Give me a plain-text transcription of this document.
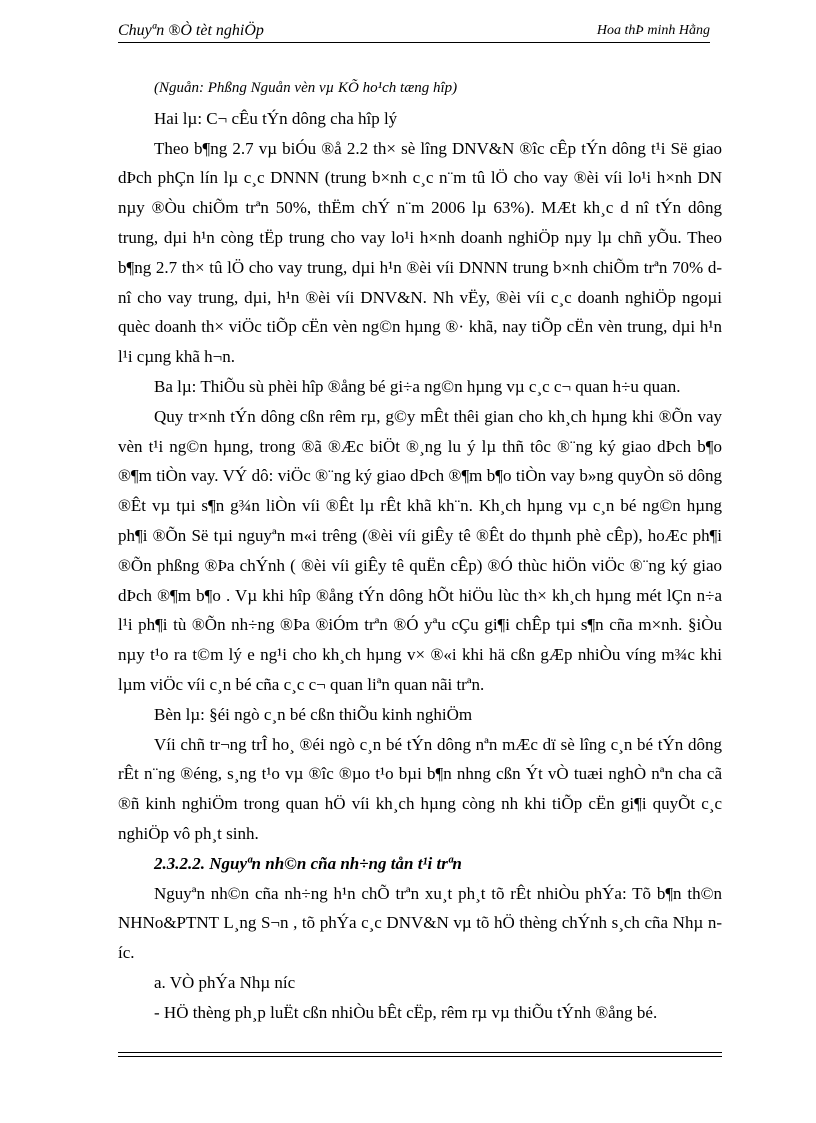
Chuyªn ®Ò tèt nghiÖp	Hoa thÞ minh Hằng

(Nguån: Phßng Nguån vèn vµ KÕ ho¹ch tæng hîp)

Hai lµ: C¬ cÊu tÝn dông cha hîp lý

Theo b¶ng 2.7 vµ biÓu ®å 2.2 th× sè lîng DNV&N ®îc cÊp tÝn dông t¹i Së giao dÞch phÇn lín lµ c¸c DNNN (trung b×nh c¸c n¨m tû lÖ cho vay ®èi víi lo¹i h×nh DN nµy ®Òu chiÕm trªn 50%, thËm chÝ n¨m 2006 lµ 63%). MÆt kh¸c d nî tÝn dông trung, dµi h¹n còng tËp trung cho vay lo¹i h×nh doanh nghiÖp nµy lµ chñ yÕu. Theo b¶ng 2.7 th× tû lÖ cho vay trung, dµi h¹n ®èi víi DNNN trung b×nh chiÕm trªn 70% d nî cho vay trung, dµi, h¹n ®èi víi DNV&N. Nh vËy, ®èi víi c¸c doanh nghiÖp ngoµi quèc doanh th× viÖc tiÕp cËn vèn ng©n hµng ®· khã, nay tiÕp cËn vèn trung, dµi h¹n l¹i cµng khã h¬n.

Ba lµ: ThiÕu sù phèi hîp ®ång bé gi÷a ng©n hµng vµ c¸c c¬ quan h÷u quan.

Quy tr×nh tÝn dông cßn rêm rµ, g©y mÊt thêi gian cho kh¸ch hµng khi ®Õn vay vèn t¹i ng©n hµng, trong ®ã ®Æc biÖt ®¸ng lu ý lµ thñ tôc ®¨ng ký giao dÞch b¶o ®¶m tiÒn vay. VÝ dô: viÖc ®¨ng ký giao dÞch ®¶m b¶o tiÒn vay b»ng quyÒn sö dông ®Êt vµ tµi s¶n g¾n liÒn víi ®Êt lµ rÊt khã kh¨n. Kh¸ch hµng vµ c¸n bé ng©n hµng ph¶i ®Õn Së tµi nguyªn m«i trêng (®èi víi giÊy tê ®Êt do thµnh phè cÊp), hoÆc ph¶i ®Õn phßng ®Þa chÝnh ( ®èi víi giÊy tê quËn cÊp) ®Ó thùc hiÖn viÖc ®¨ng ký giao dÞch ®¶m b¶o . Vµ khi hîp ®ång tÝn dông hÕt hiÖu lùc th× kh¸ch hµng mét lÇn n÷a l¹i ph¶i tù ®Õn nh÷ng ®Þa ®iÓm trªn ®Ó yªu cÇu gi¶i chÊp tµi s¶n cña m×nh. §iÒu nµy t¹o ra t©m lý e ng¹i cho kh¸ch hµng v× ®«i khi hä cßn gÆp nhiÒu víng m¾c khi lµm viÖc víi c¸n bé cña c¸c c¬ quan liªn quan nãi trªn.

Bèn lµ: §éi ngò c¸n bé cßn thiÕu kinh nghiÖm

Víi chñ tr¬ng trÎ ho¸ ®éi ngò c¸n bé tÝn dông nªn mÆc dï sè lîng c¸n bé tÝn dông rÊt n¨ng ®éng, s¸ng t¹o vµ ®îc ®µo t¹o bµi b¶n nhng cßn Ýt vÒ tuæi nghÒ nªn cha cã ®ñ kinh nghiÖm trong quan hÖ víi kh¸ch hµng còng nh khi tiÕp cËn gi¶i quyÕt c¸c nghiÖp vô ph¸t sinh.

2.3.2.2. Nguyªn nh©n cña nh÷ng tån t¹i trªn

Nguyªn nh©n cña nh÷ng h¹n chÕ trªn xu¸t ph¸t tõ rÊt nhiÒu phÝa: Tõ b¶n th©n NHNo&PTNT L¸ng S¬n , tõ phÝa c¸c DNV&N vµ tõ hÖ thèng chÝnh s¸ch cña Nhµ níc.

a. VÒ phÝa Nhµ níc

- HÖ thèng ph¸p luËt cßn nhiÒu bÊt cËp, rêm rµ vµ thiÕu tÝnh ®ång bé.
